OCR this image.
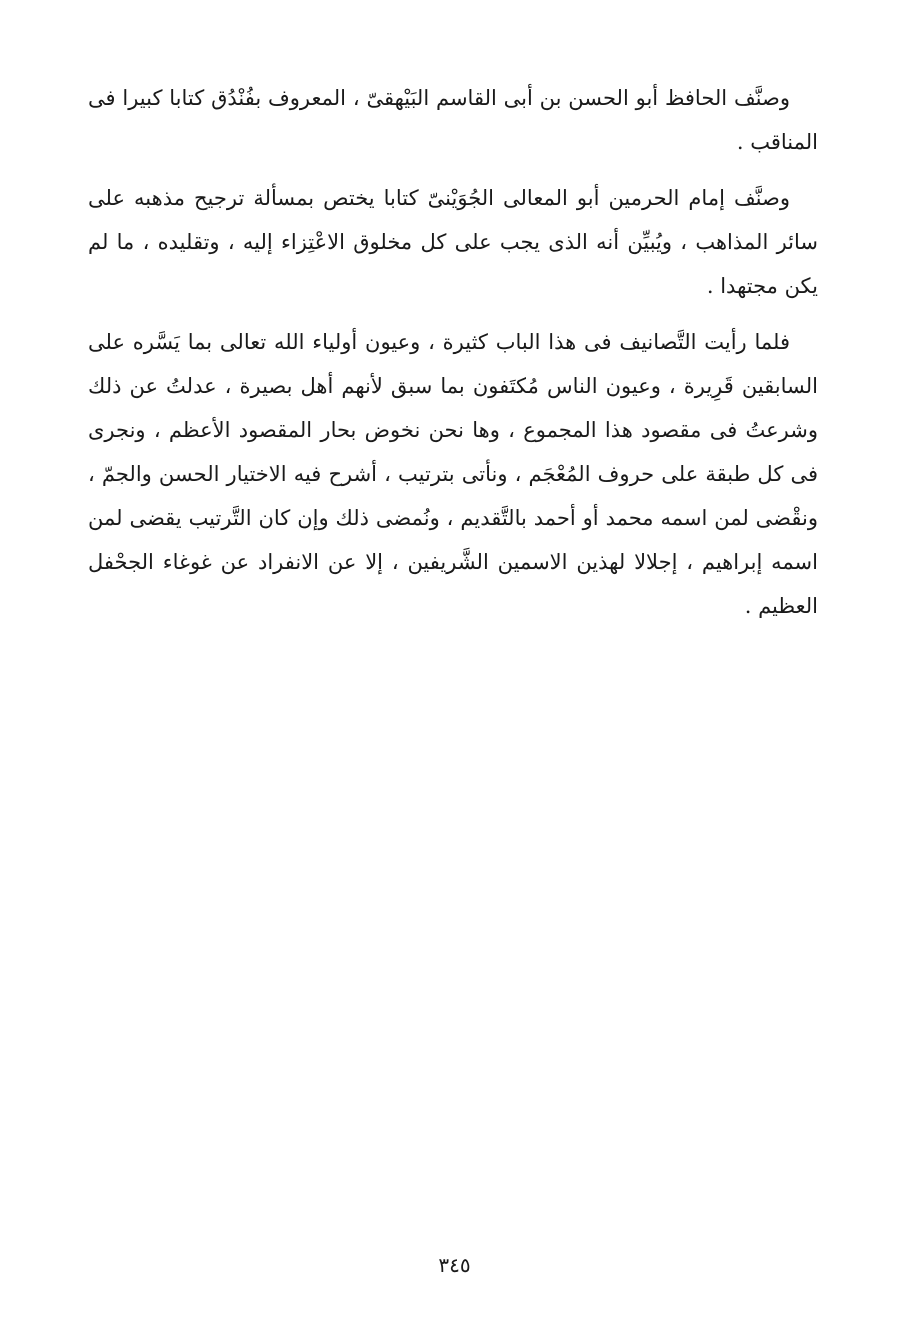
وصنَّف الحافظ أبو الحسن بن أبى القاسم البَيْهقىّ ، المعروف بفُنْدُق كتابا كبيرا فى المناقب .

وصنَّف إمام الحرمين أبو المعالى الجُوَيْنىّ كتابا يختص بمسألة ترجيح مذهبه على سائر المذاهب ، ويُبيِّن أنه الذى يجب على كل مخلوق الاعْتِزاء إليه ، وتقليده ، ما لم يكن مجتهدا .

فلما رأيت التَّصانيف فى هذا الباب كثيرة ، وعيون أولياء الله تعالى بما يَسَّره على السابقين قَرِيرة ، وعيون الناس مُكتَفون بما سبق لأنهم أهل بصيرة ، عدلتُ عن ذلك وشرعتُ فى مقصود هذا المجموع ، وها نحن نخوض بحار المقصود الأعظم ، ونجرى فى كل طبقة على حروف المُعْجَم ، ونأتى بترتيب ، أشرح فيه الاختيار الحسن والجمّ ، ونقْضى لمن اسمه محمد أو أحمد بالتَّقديم ، ونُمضى ذلك وإن كان التَّرتيب يقضى لمن اسمه إبراهيم ، إجلالا لهذين الاسمين الشَّريفين ، إلا عن الانفراد عن غوغاء الجحْفل العظيم .

٣٤٥
